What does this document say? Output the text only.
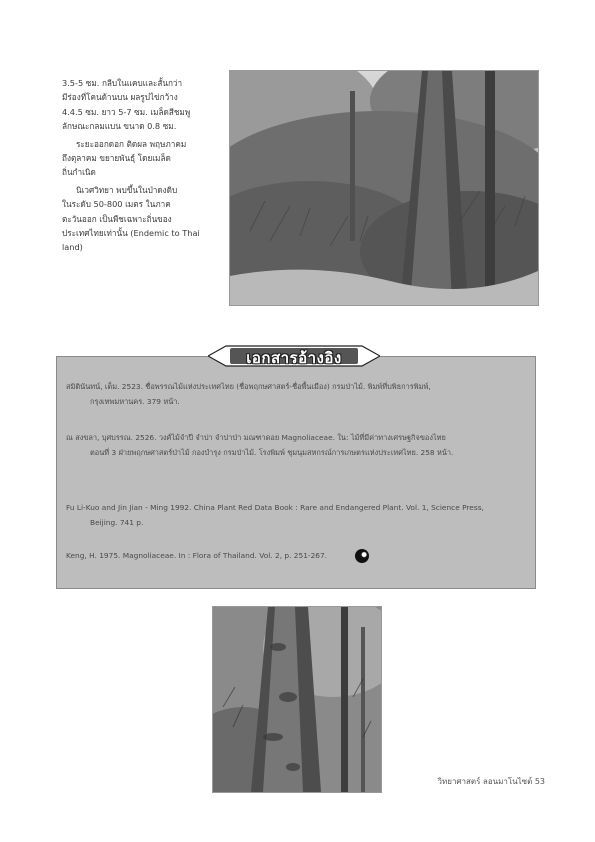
3.5-5 ซม. กลีบในแคบและสั้นกว่า
มีร่องที่โคนด้านบน ผลรูปไข่กว้าง
4.4.5 ซม. ยาว 5-7 ซม. เมล็ดสีชมพู
ลักษณะกลมแบน ขนาด 0.8 ซม.

ระยะออกดอก ติดผล พฤษภาคม
ถึงตุลาคม ขยายพันธุ์ โดยเมล็ด
ถิ่นกำเนิด

นิเวศวิทยา พบขึ้นในป่าดงดิบ
ในระดับ 50-800 เมตร ในภาค
ตะวันออก เป็นพืชเฉพาะถิ่นของ
ประเทศไทยเท่านั้น (Endemic to Thai
land)

เอกสารอ้างอิง
สมิตินันทน์, เต็ม. 2523. ชื่อพรรณไม้แห่งประเทศไทย (ชื่อพฤกษศาสตร์-ชื่อพื้นเมือง) กรมป่าไม้. พิมพ์ที่บพิธการพิมพ์,
กรุงเทพมหานคร. 379 หน้า.
ณ สงขลา, บุศบรรณ. 2526. วงศ์ไม้จำปี จำปา จำปาป่า มณฑาดอย Magnoliaceae. ใน: ไม้ที่มีค่าทางเศรษฐกิจของไทย
ตอนที่ 3 ฝ่ายพฤกษศาสตร์ป่าไม้ กองบำรุง กรมป่าไม้. โรงพิมพ์ ชุมนุมสหกรณ์การเกษตรแห่งประเทศไทย. 258 หน้า.
Fu Li-Kuo and Jin Jian - Ming 1992. China Plant Red Data Book : Rare and Endangered Plant. Vol. 1, Science Press,
Beijing. 741 p.
Keng, H. 1975. Magnoliaceae. In : Flora of Thailand. Vol. 2, p. 251-267.
วิทยาศาสตร์ ลอนมาโนไซต์ 53
